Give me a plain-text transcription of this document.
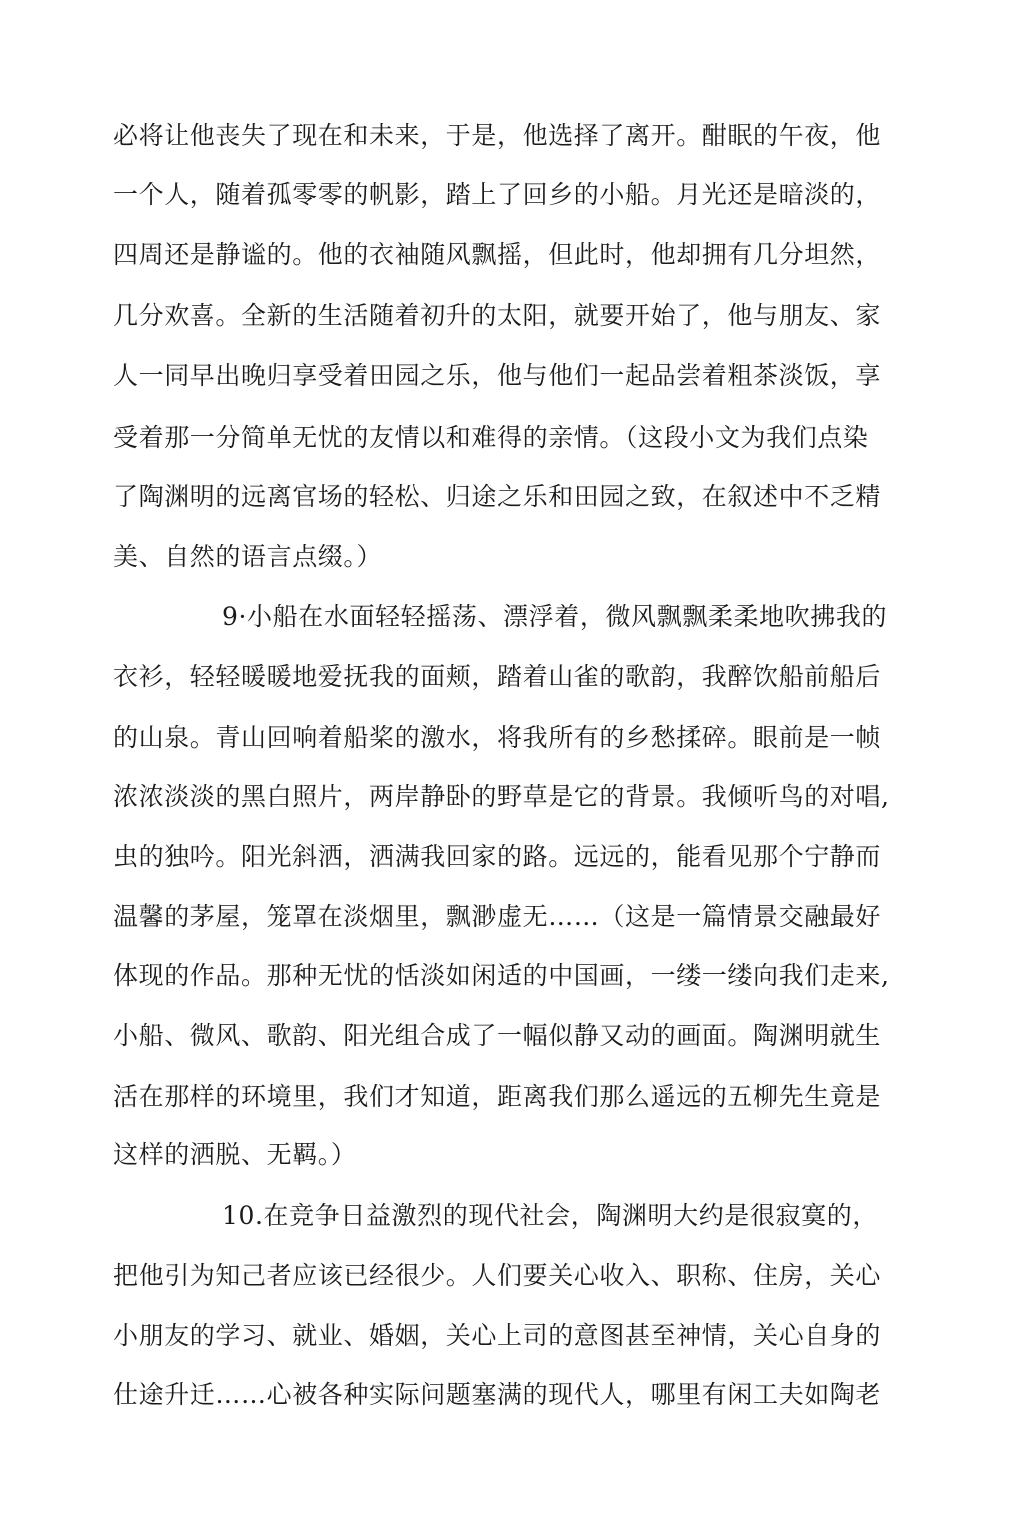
必将让他丧失了现在和未来，于是，他选择了离开。酣眠的午夜，他
一个人，随着孤零零的帆影，踏上了回乡的小船。月光还是暗淡的，
四周还是静谧的。他的衣袖随风飘摇，但此时，他却拥有几分坦然，
几分欢喜。全新的生活随着初升的太阳，就要开始了，他与朋友、家
人一同早出晚归享受着田园之乐，他与他们一起品尝着粗茶淡饭，享
受着那一分简单无忧的友情以和难得的亲情。（这段小文为我们点染
了陶渊明的远离官场的轻松、归途之乐和田园之致，在叙述中不乏精
美、自然的语言点缀。）
9·小船在水面轻轻摇荡、漂浮着，微风飘飘柔柔地吹拂我的
衣衫，轻轻暖暖地爱抚我的面颊，踏着山雀的歌韵，我醉饮船前船后
的山泉。青山回响着船桨的激水，将我所有的乡愁揉碎。眼前是一帧
浓浓淡淡的黑白照片，两岸静卧的野草是它的背景。我倾听鸟的对唱,
虫的独吟。阳光斜洒，洒满我回家的路。远远的，能看见那个宁静而
温馨的茅屋，笼罩在淡烟里，飘渺虚无……（这是一篇情景交融最好
体现的作品。那种无忧的恬淡如闲适的中国画，一缕一缕向我们走来,
小船、微风、歌韵、阳光组合成了一幅似静又动的画面。陶渊明就生
活在那样的环境里，我们才知道，距离我们那么遥远的五柳先生竟是
这样的洒脱、无羁。）
10.在竞争日益激烈的现代社会，陶渊明大约是很寂寞的，
把他引为知己者应该已经很少。人们要关心收入、职称、住房，关心
小朋友的学习、就业、婚姻，关心上司的意图甚至神情，关心自身的
仕途升迁……心被各种实际问题塞满的现代人，哪里有闲工夫如陶老
